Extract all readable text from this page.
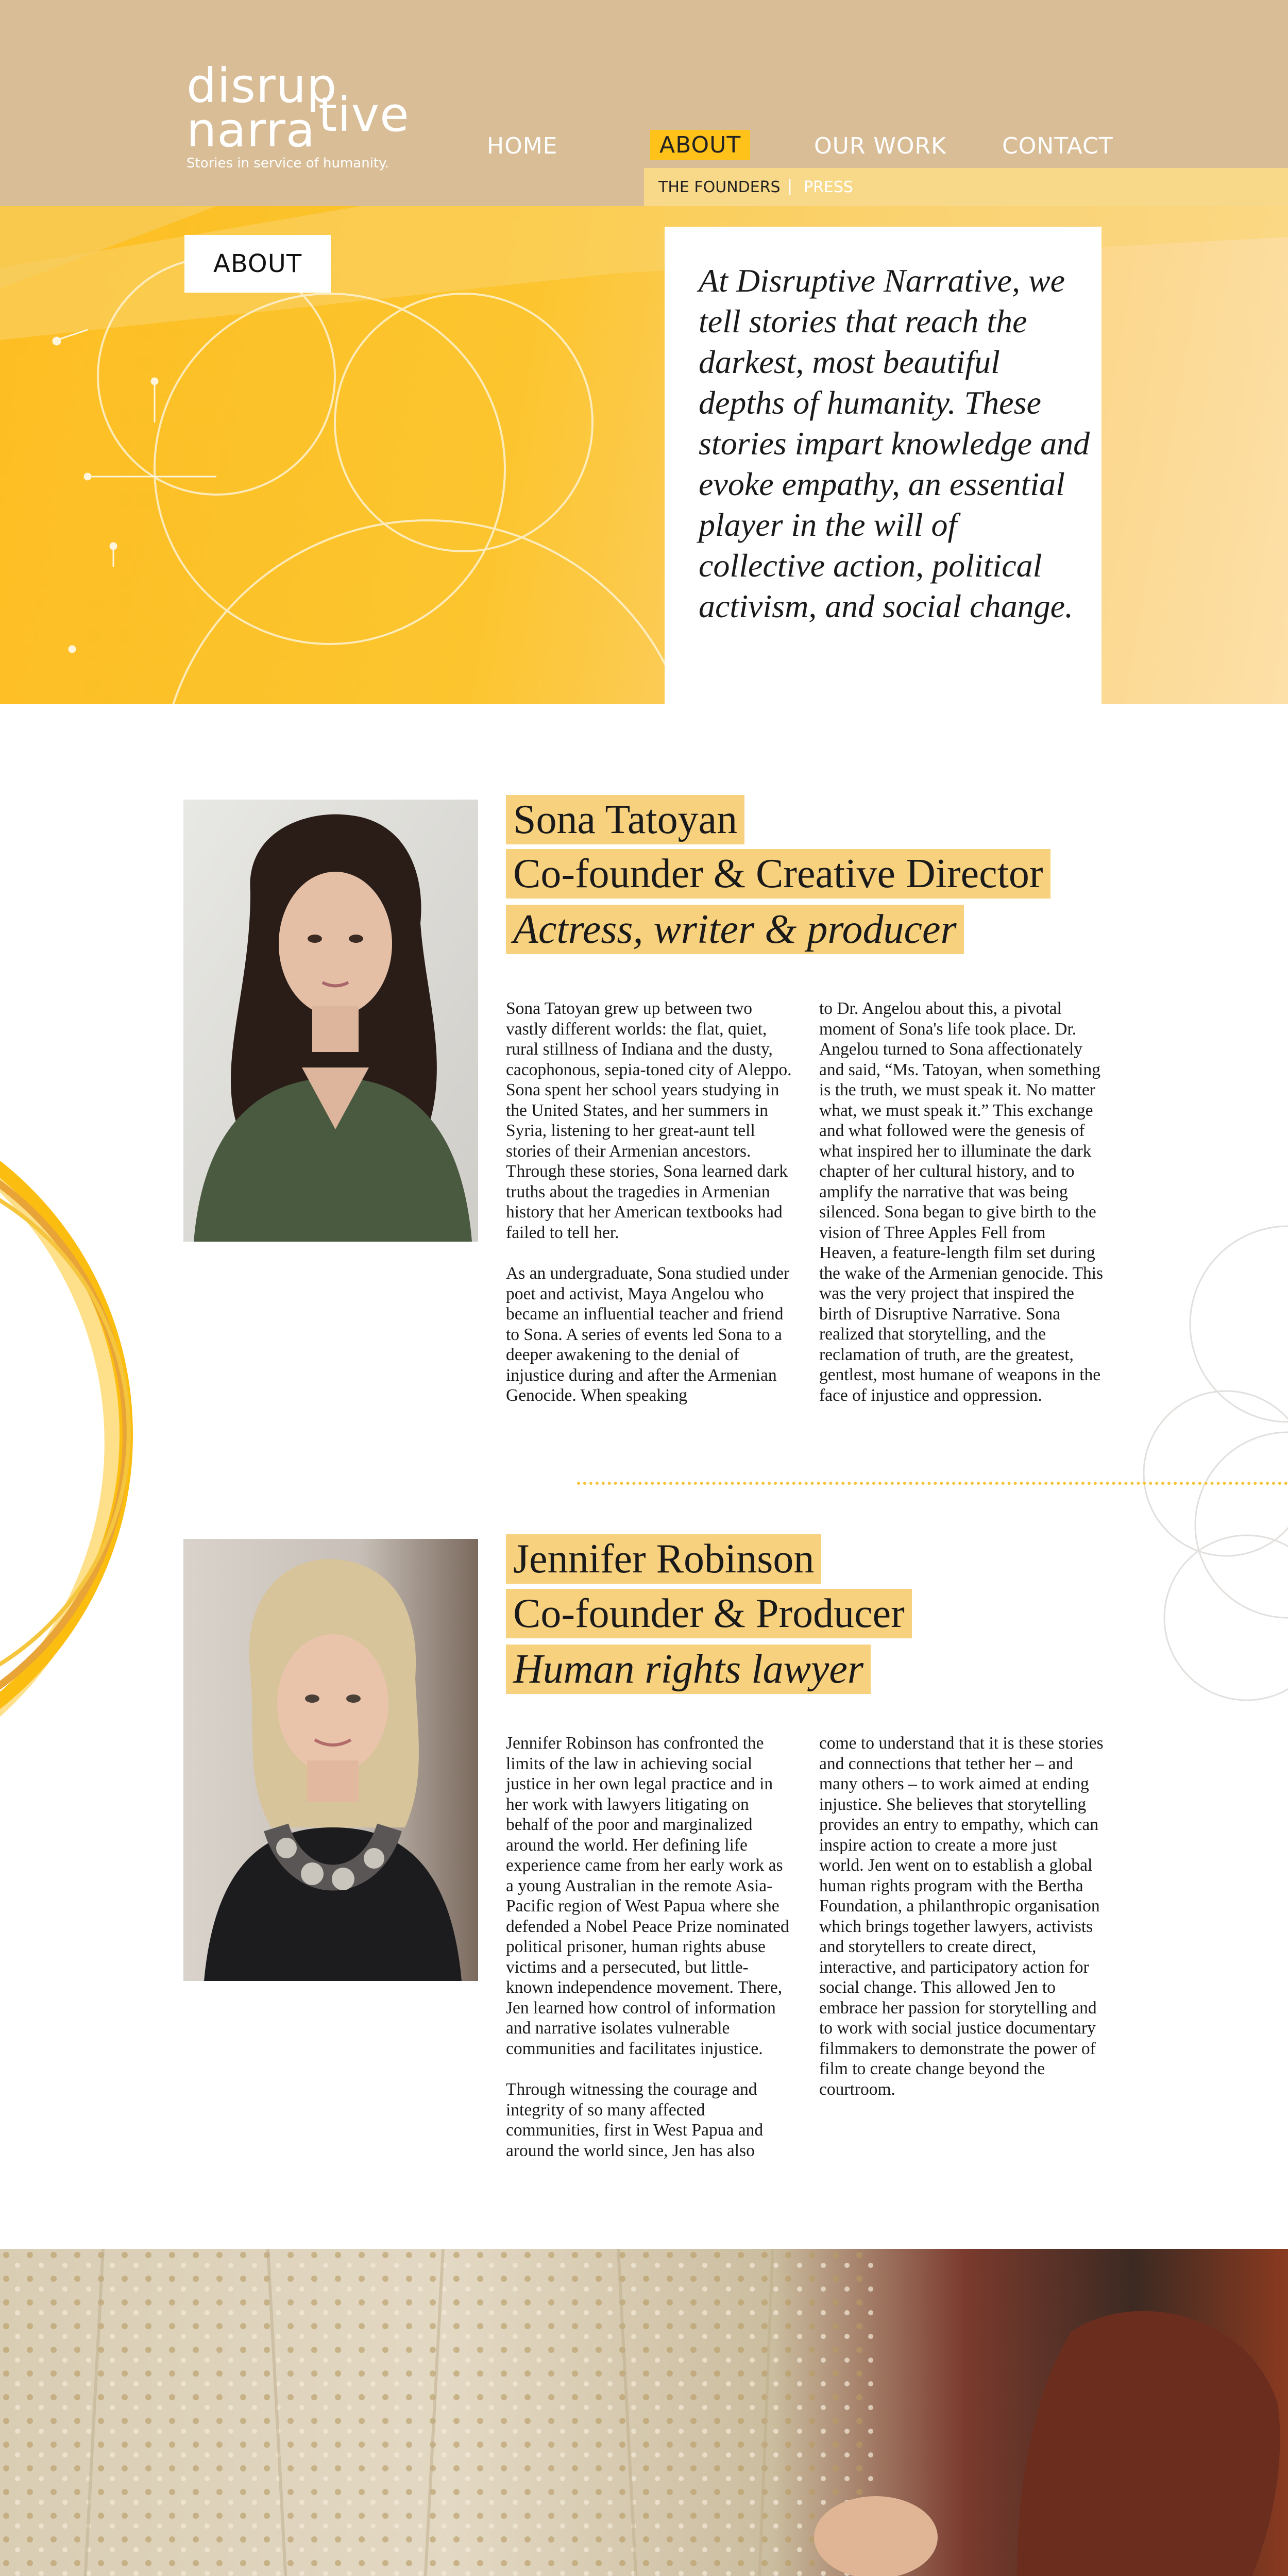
disrup
narrative
Stories in service of humanity.
HOME	ABOUT	OUR WORK CONTACT
THE FOUNDERS | PRESS
ABOUT	At Disruptive Narrative, we tell stories that reach the darkest, most beautiful depths of humanity. These stories impart knowledge and evoke empathy, an essential player in the will of collective action, political activism, and social change.
Sona Tatoyan
Co-founder & Creative Director
Actress, writer & producer

Sona Tatoyan grew up between two vastly different worlds: the flat, quiet, rural stillness of Indiana and the dusty, cacophonous, sepia-toned city of Aleppo. Sona spent her school years studying in the United States, and her summers in Syria, listening to her great-aunt tell stories of their Armenian ancestors. Through these stories, Sona learned dark truths about the tragedies in Armenian history that her American textbooks had failed to tell her.

As an undergraduate, Sona studied under poet and activist, Maya Angelou who became an influential teacher and friend to Sona. A series of events led Sona to a deeper awakening to the denial of injustice during and after the Armenian Genocide. When speaking

to Dr. Angelou about this, a pivotal moment of Sona's life took place. Dr. Angelou turned to Sona affectionately and said, “Ms. Tatoyan, when something is the truth, we must speak it. No matter what, we must speak it.” This exchange and what followed were the genesis of what inspired her to illuminate the dark chapter of her cultural history, and to amplify the narrative that was being silenced. Sona began to give birth to the vision of Three Apples Fell from Heaven, a feature-length film set during the wake of the Armenian genocide. This was the very project that inspired the birth of Disruptive Narrative. Sona realized that storytelling, and the reclamation of truth, are the greatest, gentlest, most humane of weapons in the face of injustice and oppression.

Jennifer Robinson
Co-founder & Producer
Human rights lawyer

Jennifer Robinson has confronted the limits of the law in achieving social justice in her own legal practice and in her work with lawyers litigating on behalf of the poor and marginalized around the world. Her defining life experience came from her early work as a young Australian in the remote Asia-Pacific region of West Papua where she defended a Nobel Peace Prize nominated political prisoner, human rights abuse victims and a persecuted, but little-known independence movement. There, Jen learned how control of information and narrative isolates vulnerable communities and facilitates injustice.

Through witnessing the courage and integrity of so many affected communities, first in West Papua and around the world since, Jen has also

come to understand that it is these stories and connections that tether her – and many others – to work aimed at ending injustice. She believes that storytelling provides an entry to empathy, which can inspire action to create a more just world. Jen went on to establish a global human rights program with the Bertha Foundation, a philanthropic organisation which brings together lawyers, activists and storytellers to create direct, interactive, and participatory action for social change. This allowed Jen to embrace her passion for storytelling and to work with social justice documentary filmmakers to demonstrate the power of film to create change beyond the courtroom.
